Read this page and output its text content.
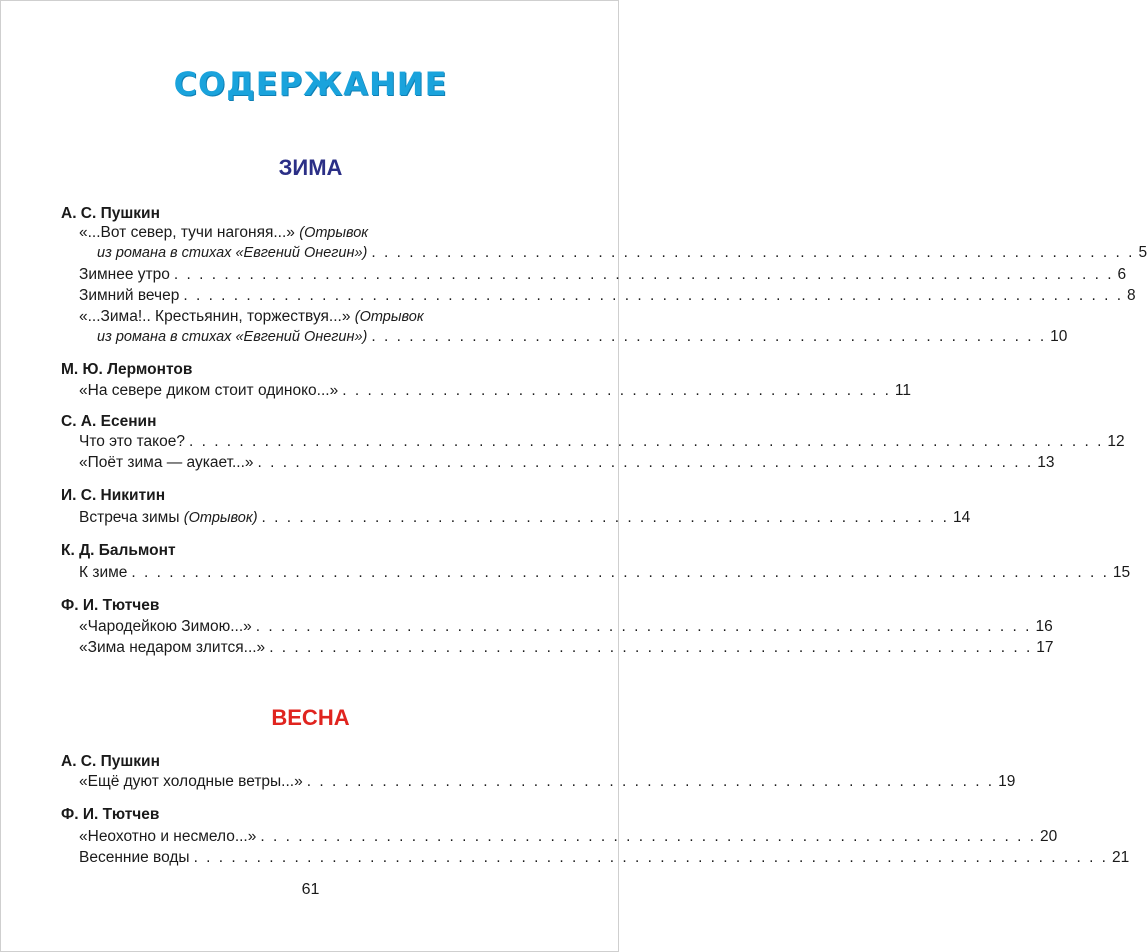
СОДЕРЖАНИЕ
ЗИМА
А. С. Пушкин
«...Вот север, тучи нагоняя...» (Отрывок
из романа в стихах «Евгений Онегин») . . . . . . . . . . . . . . . . . . . . . . . . . . . . . . . . . . . . . . . . . . . . . . . . . . . . . . . . . . . . . 5
Зимнее утро . . . . . . . . . . . . . . . . . . . . . . . . . . . . . . . . . . . . . . . . . . . . . . . . . . . . . . . . . . . . . . . . . . . . . . . . . . . 6
Зимний вечер . . . . . . . . . . . . . . . . . . . . . . . . . . . . . . . . . . . . . . . . . . . . . . . . . . . . . . . . . . . . . . . . . . . . . . . . . . . 8
«...Зима!.. Крестьянин, торжествуя...» (Отрывок
из романа в стихах «Евгений Онегин») . . . . . . . . . . . . . . . . . . . . . . . . . . . . . . . . . . . . . . . . . . . . . . . . . . . . . . 10
М. Ю. Лермонтов
«На севере диком стоит одиноко...» . . . . . . . . . . . . . . . . . . . . . . . . . . . . . . . . . . . . . . . . . . . . 11
С. А. Есенин
Что это такое? . . . . . . . . . . . . . . . . . . . . . . . . . . . . . . . . . . . . . . . . . . . . . . . . . . . . . . . . . . . . . . . . . . . . . . . . . 12
«Поёт зима — аукает...» . . . . . . . . . . . . . . . . . . . . . . . . . . . . . . . . . . . . . . . . . . . . . . . . . . . . . . . . . . . . . . 13
И. С. Никитин
Встреча зимы (Отрывок) . . . . . . . . . . . . . . . . . . . . . . . . . . . . . . . . . . . . . . . . . . . . . . . . . . . . . . . 14
К. Д. Бальмонт
К зиме . . . . . . . . . . . . . . . . . . . . . . . . . . . . . . . . . . . . . . . . . . . . . . . . . . . . . . . . . . . . . . . . . . . . . . . . . . . . . . 15
Ф. И. Тютчев
«Чародейкою Зимою...» . . . . . . . . . . . . . . . . . . . . . . . . . . . . . . . . . . . . . . . . . . . . . . . . . . . . . . . . . . . . . . 16
«Зима недаром злится...» . . . . . . . . . . . . . . . . . . . . . . . . . . . . . . . . . . . . . . . . . . . . . . . . . . . . . . . . . . . . . 17
ВЕСНА
А. С. Пушкин
«Ещё дуют холодные ветры...» . . . . . . . . . . . . . . . . . . . . . . . . . . . . . . . . . . . . . . . . . . . . . . . . . . . . . . . 19
Ф. И. Тютчев
«Неохотно и несмело...» . . . . . . . . . . . . . . . . . . . . . . . . . . . . . . . . . . . . . . . . . . . . . . . . . . . . . . . . . . . . . . 20
Весенние воды . . . . . . . . . . . . . . . . . . . . . . . . . . . . . . . . . . . . . . . . . . . . . . . . . . . . . . . . . . . . . . . . . . . . . . . . . 21
61
